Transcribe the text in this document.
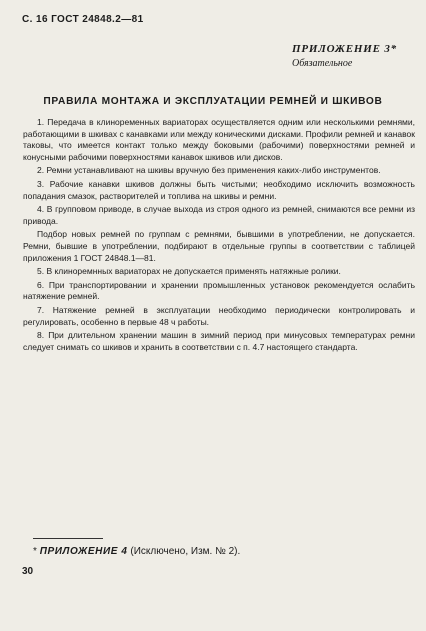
С. 16 ГОСТ 24848.2—81
ПРИЛОЖЕНИЕ 3*
Обязательное
ПРАВИЛА МОНТАЖА И ЭКСПЛУАТАЦИИ РЕМНЕЙ И ШКИВОВ

1. Передача в клиноременных вариаторах осуществляется одним или несколькими ремнями, работающими в шкивах с канавками или между коническими дисками. Профили ремней и канавок таковы, что имеется контакт только между боковыми (рабочими) поверхностями ремней и конусными рабочими поверхностями канавок шкивов или дисков.

2. Ремни устанавливают на шкивы вручную без применения каких-либо инструментов.

3. Рабочие канавки шкивов должны быть чистыми; необходимо исключить возможность попадания смазок, растворителей и топлива на шкивы и ремни.

4. В групповом приводе, в случае выхода из строя одного из ремней, снимаются все ремни из привода.

Подбор новых ремней по группам с ремнями, бывшими в употреблении, не допускается. Ремни, бывшие в употреблении, подбирают в отдельные группы в соответствии с таблицей приложения 1 ГОСТ 24848.1—81.

5. В клиноремнных вариаторах не допускается применять натяжные ролики.

6. При транспортировании и хранении промышленных установок рекомендуется ослабить натяжение ремней.

7. Натяжение ремней в эксплуатации необходимо периодически контролировать и регулировать, особенно в первые 48 ч работы.

8. При длительном хранении машин в зимний период при минусовых температурах ремни следует снимать со шкивов и хранить в соответствии с п. 4.7 настоящего стандарта.

* ПРИЛОЖЕНИЕ 4 (Исключено, Изм. № 2).
30
